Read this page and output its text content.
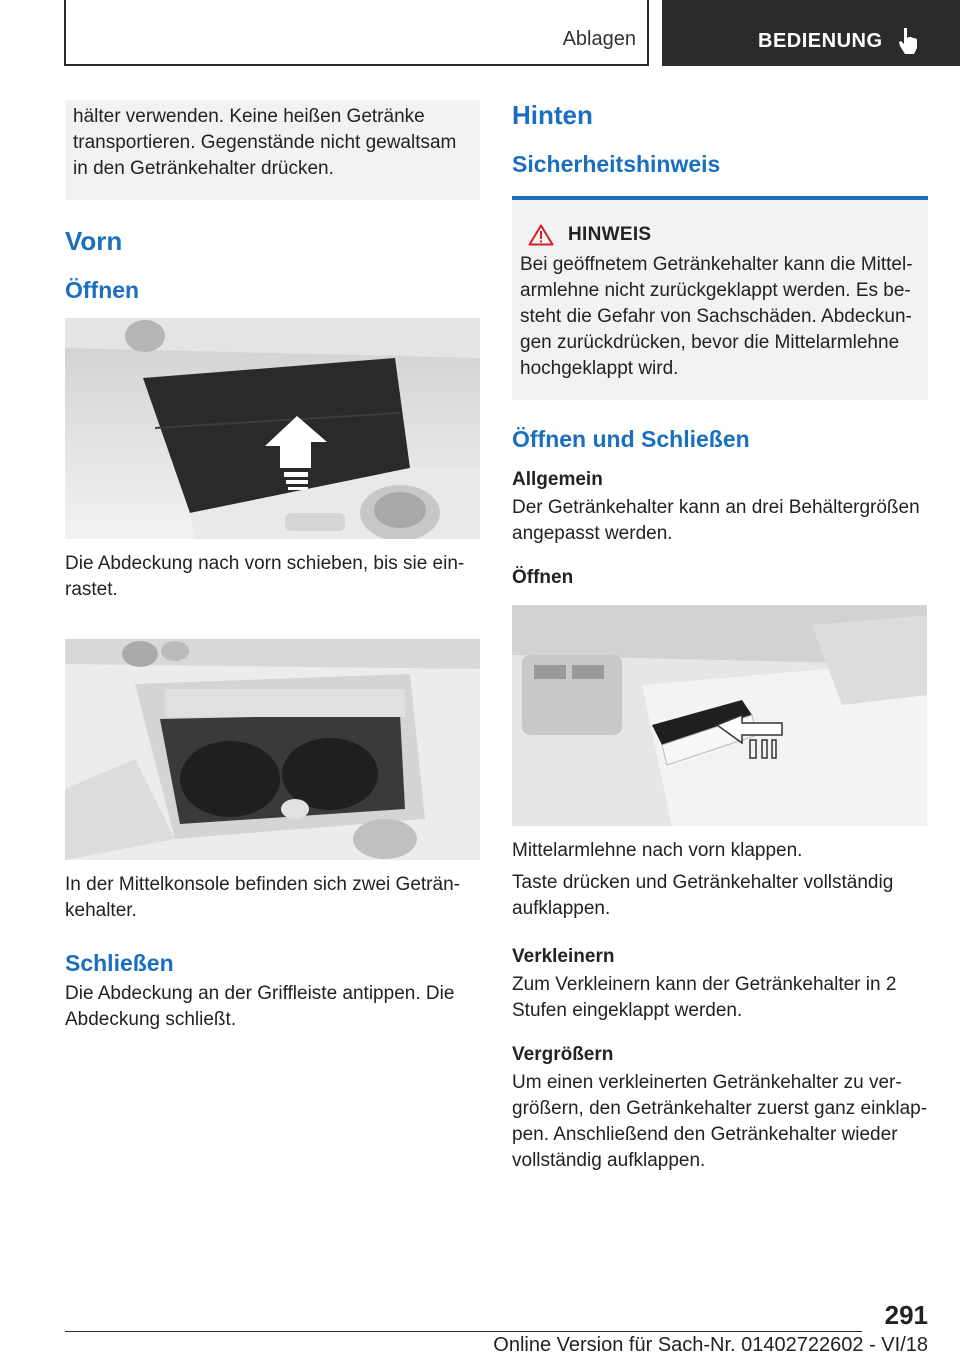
Ablagen	BEDIENUNG

hälter verwenden. Keine heißen Getränke transportieren. Gegenstände nicht gewaltsam in den Getränkehalter drücken.

Vorn
Öffnen

Die Abdeckung nach vorn schieben, bis sie ein‐rastet.

In der Mittelkonsole befinden sich zwei Geträn‐kehalter.

Schließen

Die Abdeckung an der Griffleiste antippen. Die Abdeckung schließt.

Hinten
Sicherheitshinweis
HINWEIS

Bei geöffnetem Getränkehalter kann die Mittel‐armlehne nicht zurückgeklappt werden. Es be‐steht die Gefahr von Sachschäden. Abdeckun‐gen zurückdrücken, bevor die Mittelarmlehne hochgeklappt wird.

Öffnen und Schließen
Allgemein

Der Getränkehalter kann an drei Behältergrößen angepasst werden.

Öffnen

Mittelarmlehne nach vorn klappen.

Taste drücken und Getränkehalter vollständig aufklappen.

Verkleinern

Zum Verkleinern kann der Getränkehalter in 2 Stufen eingeklappt werden.

Vergrößern

Um einen verkleinerten Getränkehalter zu ver‐größern, den Getränkehalter zuerst ganz einklap‐pen. Anschließend den Getränkehalter wieder vollständig aufklappen.

291
Online Version für Sach-Nr. 01402722602 - VI/18
